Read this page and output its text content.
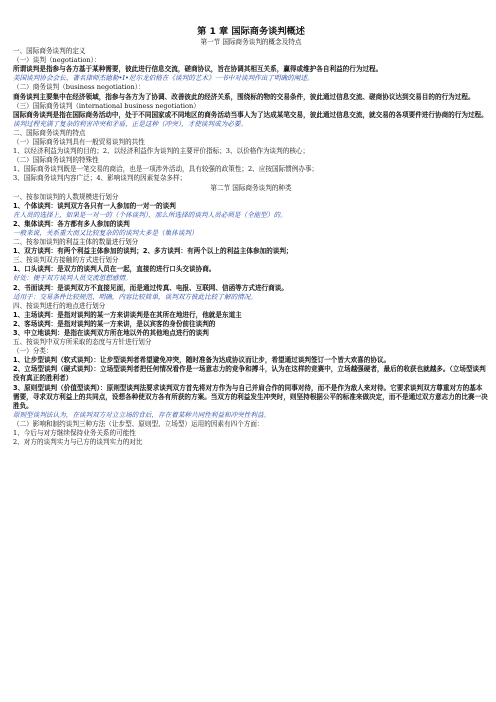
第 1 章 国际商务谈判概述
第一节 国际商务谈判的概念及特点
一、国际商务谈判的定义
（一）谈判（negotiation）：
所谓谈判是指参与各方基于某种需要，彼此进行信息交流，磋商协议，旨在协调其相互关系，赢得或维护各自利益的行为过程。
美国谈判协会会长、著名律师杰德勒•I•尼尔龙伯格在《谈判的艺术》一书中对谈判作出了明确的阐述。
（二）商务谈判（business negotiation）：
商务谈判主要集中在经济领域，指参与各方为了协调、改善彼此的经济关系，围绕标的物的交易条件，彼此通过信息交流、磋商协议达到交易目的的行为过程。
（三）国际商务谈判（international business negotiation）
国际商务谈判是指在国际商务活动中，处于不同国家或不同地区的商务活动当事人为了达成某笔交易，彼此通过信息交流，就交易的各项要件进行协商的行为过程。
谈判过程充满了复杂的利害冲突和矛盾，正是这种（冲突），才使谈判成为必要。
二、国际商务谈判的特点
（一）国际商务谈判具有一般贸易谈判的共性
1、以经济利益为谈判的目的；2、以经济利益作为谈判的主要评价指标；3、以价格作为谈判的核心；
（二）国际商务谈判的特殊性
1、国际商务谈判既是一笔交易的商洽，也是一项涉外活动，具有较强的政策性；2、应按国际惯例办事；
3、国际商务谈判内容广泛；4、影响谈判的因素复杂多样；
第二节 国际商务谈判的种类
一、按参加谈判的人数规模进行划分
1、个体谈判：谈判双方各只有一人参加的一对一的谈判
在人员的选择上，如果是一对一的（个体谈判），那么所选择的谈判人员必须是（全能型）的。
2、集体谈判：各方都有多人参加的谈判
一般来说，关系重大而又比较复杂的的谈判大多是（集体谈判）
二、按参加谈判的利益主体的数量进行划分
1、双方谈判：有两个利益主体参加的谈判；2、多方谈判：有两个以上的利益主体参加的谈判；
三、按谈判双方接触的方式进行划分
1、口头谈判：是双方的谈判人员在一起，直接的进行口头交谈协商。
好处：便于双方谈判人员交流思想感情。
2、书面谈判：是谈判双方不直接见面，而是通过传真、电报、互联网、信函等方式进行商谈。
适用于：交易条件比较规范、明确，内容比较简单，谈判双方彼此比较了解的情况。
四、按谈判进行的地点进行划分
1、主场谈判：是指对谈判的某一方来讲谈判是在其所在地进行，他就是东道主
2、客场谈判：是指对谈判的某一方来讲，是以宾客的身份前往谈判的
3、中立地谈判：是指在谈判双方所在地以外的其他地点进行的谈判
五、按谈判中双方所采取的态度与方针进行划分
（一）分类：
1、让步型谈判（软式谈判）：让步型谈判者希望避免冲突，随时准备为达成协议而让步，希望通过谈判签订一个皆大欢喜的协议。
2、立场型谈判（硬式谈判）：立场型谈判者把任何情况看作是一场意志力的竞争和搏斗，认为在这样的竞赛中，立场越强硬者，最后的收获也就越多。（立场型谈判没有真正的胜利者）
3、原则型谈判（价值型谈判）：原则型谈判法要求谈判双方首先将对方作为与自己并肩合作的同事对待，而不是作为敌人来对待。它要求谈判双方尊重对方的基本需要，寻求双方利益上的共同点，设想各种使双方各有所获的方案。当双方的利益发生冲突时，则坚持根据公平的标准来做决定，而不是通过双方意志力的比赛一决胜负。
原则型谈判法认为，在谈判双方对立立场的背后，存在着某种共同性利益和冲突性利益。
（二）影响和制约谈判三种方法（让步型、原则型、立场型）运用的因素有四个方面：
1、今后与对方继续保持业务关系的可能性
2、对方的谈判实力与已方的谈判实力的对比
